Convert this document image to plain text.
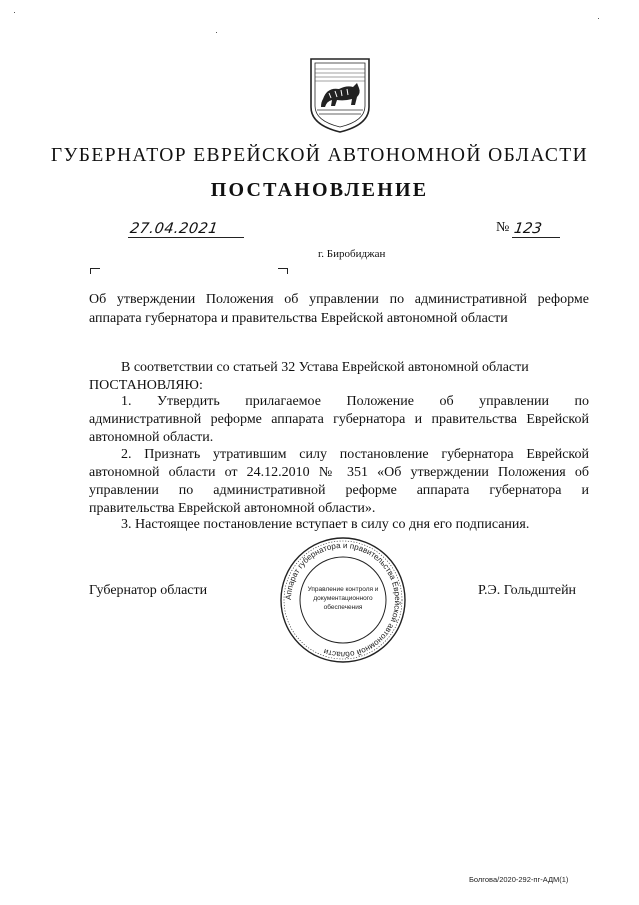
ГУБЕРНАТОР ЕВРЕЙСКОЙ АВТОНОМНОЙ ОБЛАСТИ
ПОСТАНОВЛЕНИЕ
27.04.2021	№ 123
г. Биробиджан
Об утверждении Положения об управлении по административной реформе
аппарата губернатора и правительства Еврейской автономной области
В соответствии со статьей 32 Устава Еврейской автономной области
ПОСТАНОВЛЯЮ:
1. Утвердить прилагаемое Положение об управлении по
административной реформе аппарата губернатора и правительства Еврейской
автономной области.
2. Признать утратившим силу постановление губернатора Еврейской
автономной области от 24.12.2010 № 351 «Об утверждении Положения об
управлении по административной реформе аппарата губернатора и
правительства Еврейской автономной области».
3. Настоящее постановление вступает в силу со дня его подписания.
Губернатор области	Р.Э. Гольдштейн
Аппарат губернатора и правительства Еврейской автономной области
Управление контроля и
документационного
обеспечения
Болгова/2020-292-пг-АДМ(1)
